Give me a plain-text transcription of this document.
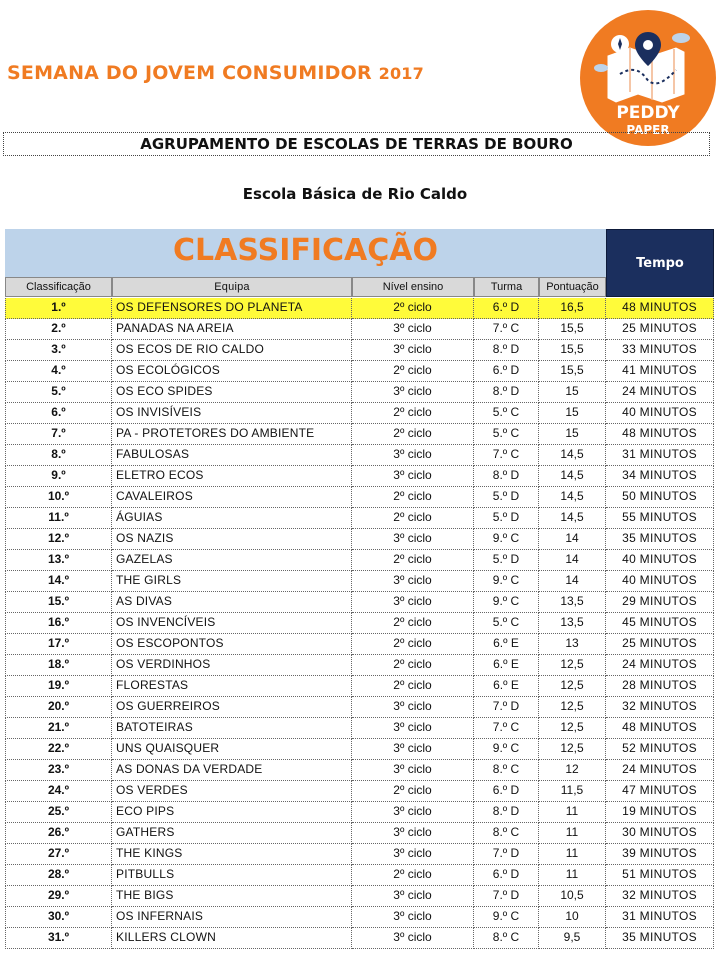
SEMANA DO JOVEM CONSUMIDOR 2017
PEDDY
PAPER
AGRUPAMENTO DE ESCOLAS DE TERRAS DE BOURO
Escola Básica de Rio Caldo
CLASSIFICAÇÃO	Tempo
Classificação	Equipa	Nível ensino	Turma	Pontuação
1.º	OS DEFENSORES DO PLANETA	2º ciclo	6.º D	16,5	48 MINUTOS
2.º	PANADAS NA AREIA	3º ciclo	7.º C	15,5	25 MINUTOS
3.º	OS ECOS DE RIO CALDO	3º ciclo	8.º D	15,5	33 MINUTOS
4.º	OS ECOLÓGICOS	2º ciclo	6.º D	15,5	41 MINUTOS
5.º	OS ECO SPIDES	3º ciclo	8.º D	15	24 MINUTOS
6.º	OS INVISÍVEIS	2º ciclo	5.º C	15	40 MINUTOS
7.º	PA - PROTETORES DO AMBIENTE	2º ciclo	5.º C	15	48 MINUTOS
8.º	FABULOSAS	3º ciclo	7.º C	14,5	31 MINUTOS
9.º	ELETRO ECOS	3º ciclo	8.º D	14,5	34 MINUTOS
10.º	CAVALEIROS	2º ciclo	5.º D	14,5	50 MINUTOS
11.º	ÁGUIAS	2º ciclo	5.º D	14,5	55 MINUTOS
12.º	OS NAZIS	3º ciclo	9.º C	14	35 MINUTOS
13.º	GAZELAS	2º ciclo	5.º D	14	40 MINUTOS
14.º	THE GIRLS	3º ciclo	9.º C	14	40 MINUTOS
15.º	AS DIVAS	3º ciclo	9.º C	13,5	29 MINUTOS
16.º	OS INVENCÍVEIS	2º ciclo	5.º C	13,5	45 MINUTOS
17.º	OS ESCOPONTOS	2º ciclo	6.º E	13	25 MINUTOS
18.º	OS VERDINHOS	2º ciclo	6.º E	12,5	24 MINUTOS
19.º	FLORESTAS	2º ciclo	6.º E	12,5	28 MINUTOS
20.º	OS GUERREIROS	3º ciclo	7.º D	12,5	32 MINUTOS
21.º	BATOTEIRAS	3º ciclo	7.º C	12,5	48 MINUTOS
22.º	UNS QUAISQUER	3º ciclo	9.º C	12,5	52 MINUTOS
23.º	AS DONAS DA VERDADE	3º ciclo	8.º C	12	24 MINUTOS
24.º	OS VERDES	2º ciclo	6.º D	11,5	47 MINUTOS
25.º	ECO PIPS	3º ciclo	8.º D	11	19 MINUTOS
26.º	GATHERS	3º ciclo	8.º C	11	30 MINUTOS
27.º	THE KINGS	3º ciclo	7.º D	11	39 MINUTOS
28.º	PITBULLS	2º ciclo	6.º D	11	51 MINUTOS
29.º	THE BIGS	3º ciclo	7.º D	10,5	32 MINUTOS
30.º	OS INFERNAIS	3º ciclo	9.º C	10	31 MINUTOS
31.º	KILLERS CLOWN	3º ciclo	8.º C	9,5	35 MINUTOS
